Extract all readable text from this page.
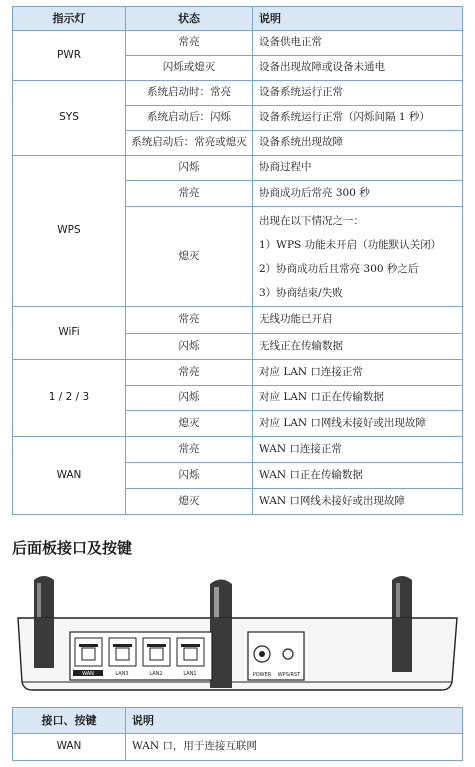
指示灯	状态	说明
PWR	常亮	设备供电正常
	闪烁或熄灭	设备出现故障或设备未通电
SYS	系统启动时：常亮	设备系统运行正常
	系统启动后：闪烁	设备系统运行正常（闪烁间隔 1 秒）
	系统启动后：常亮或熄灭	设备系统出现故障
WPS	闪烁	协商过程中
	常亮	协商成功后常亮 300 秒
	熄灭	出现在以下情况之一：
1）WPS 功能未开启（功能默认关闭）
2）协商成功后且常亮 300 秒之后
3）协商结束/失败

WiFi	常亮	无线功能已开启
	闪烁	无线正在传输数据
1 / 2 / 3	常亮	对应 LAN 口连接正常
	闪烁	对应 LAN 口正在传输数据
	熄灭	对应 LAN 口网线未接好或出现故障
WAN	常亮	WAN 口连接正常
	闪烁	WAN 口正在传输数据
	熄灭	WAN 口网线未接好或出现故障
后面板接口及按键
WAN	LAN3	LAN2	LAN1	POWER WPS/RST
接口、按键	说明
WAN	WAN 口，用于连接互联网
